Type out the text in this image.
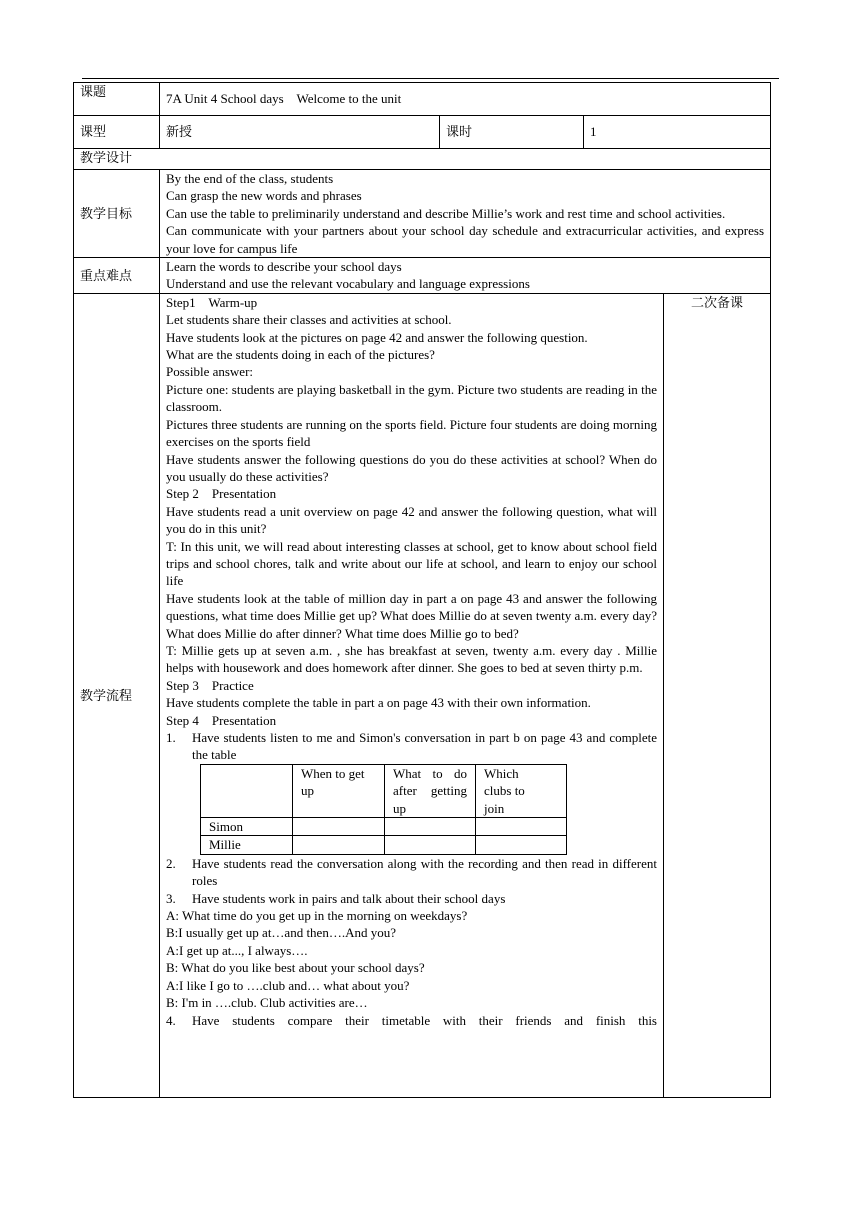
课题	7A Unit 4 School days    Welcome to the unit
课型	新授	课时	1
教学设计
教学目标	
By the end of the class, students
Can grasp the new words and phrases
Can use the table to preliminarily understand and describe Millie’s work and rest time and school activities.
Can communicate with your partners about your school day schedule and extracurricular activities, and express your love for campus life

重点难点	
Learn the words to describe your school days
Understand and use the relevant vocabulary and language expressions

教学流程	
Step1    Warm-up
Let students share their classes and activities at school.
Have students look at the pictures on page 42 and answer the following question.
What are the students doing in each of the pictures?
Possible answer:
Picture one: students are playing basketball in the gym. Picture two students are reading in the classroom.
Pictures three students are running on the sports field. Picture four students are doing morning exercises on the sports field
Have students answer the following questions do you do these activities at school? When do you usually do these activities?
Step 2    Presentation
Have students read a unit overview on page 42 and answer the following question, what will you do in this unit?
T: In this unit, we will read about interesting classes at school, get to know about school field trips and school chores, talk and write about our life at school, and learn to enjoy our school life
Have students look at the table of million day in part a on page 43 and answer the following questions, what time does Millie get up? What does Millie do at seven twenty a.m. every day? What does Millie do after dinner? What time does Millie go to bed?
T: Millie gets up at seven a.m. , she has breakfast at seven, twenty a.m. every day . Millie helps with housework and does homework after dinner. She goes to bed at seven thirty p.m.
Step 3    Practice
Have students complete the table in part a on page 43 with their own information.
Step 4    Presentation
1. Have students listen to me and Simon's conversation in part b on page 43 and complete the table
	When to get up	What to do after getting up	Which clubs to join
Simon			
Millie			
2. Have students read the conversation along with the recording and then read in different roles
3. Have students work in pairs and talk about their school days
A: What time do you get up in the morning on weekdays?
B:I usually get up at…and then….And you?
A:I get up at..., I always….
B: What do you like best about your school days?
A:I like I go to ….club and… what about you?
B: I'm in ….club. Club activities are…
4.	Have students compare their timetable with their friends and finish this
	二次备课
